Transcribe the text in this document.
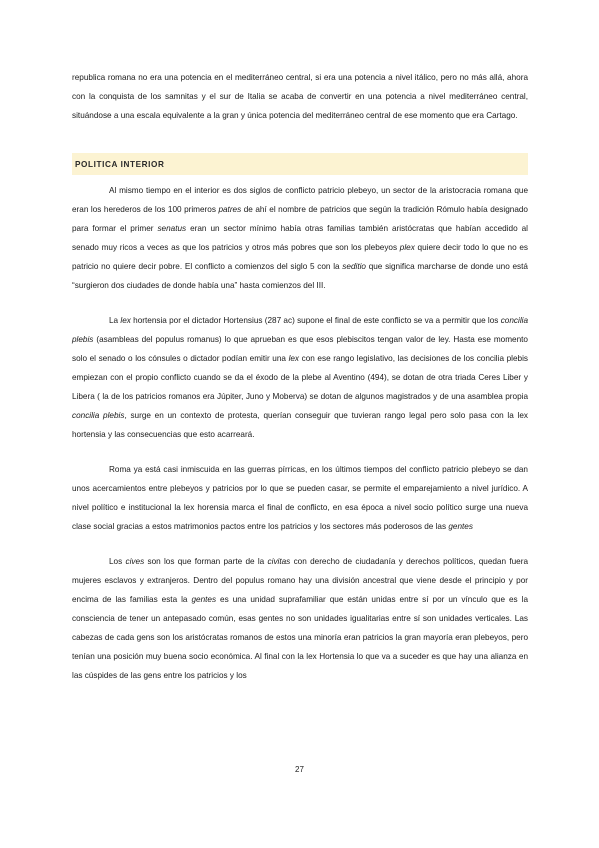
republica romana no era una potencia en el mediterráneo central, si era una potencia a nivel itálico, pero no más allá, ahora con la conquista de los samnitas y el sur de Italia se acaba de convertir en una potencia a nivel mediterráneo central, situándose a una escala equivalente a la gran y única potencia del mediterráneo central de ese momento que era Cartago.

POLITICA INTERIOR

Al mismo tiempo en el interior es dos siglos de conflicto patricio plebeyo, un sector de la aristocracia romana que eran los herederos de los 100 primeros patres de ahí el nombre de patricios que según la tradición Rómulo había designado para formar el primer senatus eran un sector mínimo había otras familias también aristócratas que habían accedido al senado muy ricos a veces as que los patricios y otros más pobres que son los plebeyos plex quiere decir todo lo que no es patricio no quiere decir pobre. El conflicto a comienzos del siglo 5 con la seditio que significa marcharse de donde uno está “surgieron dos ciudades de donde había una” hasta comienzos del III.

La lex hortensia por el dictador Hortensius (287 ac) supone el final de este conflicto se va a permitir que los concilia plebis (asambleas del populus romanus) lo que aprueban es que esos plebiscitos tengan valor de ley. Hasta ese momento solo el senado o los cónsules o dictador podían emitir una lex con ese rango legislativo, las decisiones de los concilia plebis empiezan con el propio conflicto cuando se da el éxodo de la plebe al Aventino (494), se dotan de otra triada Ceres Liber y Libera ( la de los patricios romanos era Júpiter, Juno y Moberva) se dotan de algunos magistrados y de una asamblea propia concilia plebis, surge en un contexto de protesta, querían conseguir que tuvieran rango legal pero solo pasa con la lex hortensia y las consecuencias que esto acarreará.

Roma ya está casi inmiscuida en las guerras pírricas, en los últimos tiempos del conflicto patricio plebeyo se dan unos acercamientos entre plebeyos y patricios por lo que se pueden casar, se permite el emparejamiento a nivel jurídico. A nivel político e institucional la lex horensia marca el final de conflicto, en esa época a nivel socio político surge una nueva clase social gracias a estos matrimonios pactos entre los patricios y los sectores más poderosos de las gentes

Los cives son los que forman parte de la civitas con derecho de ciudadanía y derechos políticos, quedan fuera mujeres esclavos y extranjeros. Dentro del populus romano hay una división ancestral que viene desde el principio y por encima de las familias esta la gentes es una unidad suprafamiliar que están unidas entre sí por un vínculo que es la consciencia de tener un antepasado común, esas gentes no son unidades igualitarias entre sí son unidades verticales. Las cabezas de cada gens son los aristócratas romanos de estos una minoría eran patricios la gran mayoría eran plebeyos, pero tenían una posición muy buena socio económica. Al final con la lex Hortensia lo que va a suceder es que hay una alianza en las cúspides de las gens entre los patricios y los

27
